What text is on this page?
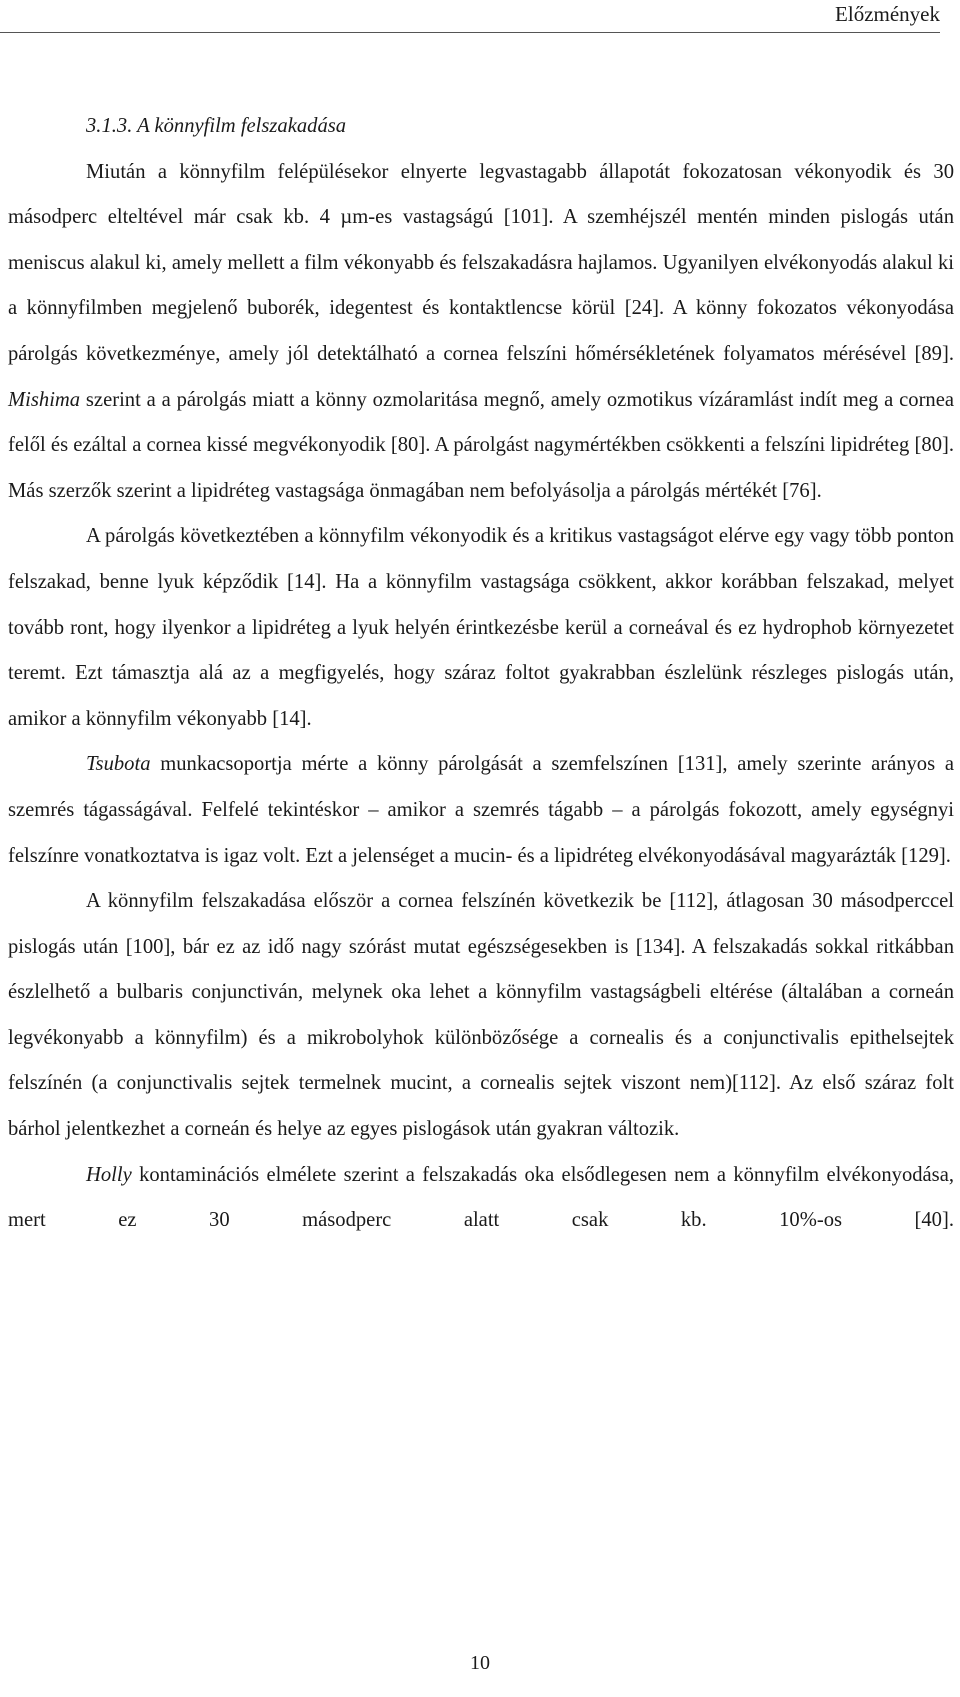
Előzmények
3.1.3. A könnyfilm felszakadása

Miután a könnyfilm felépülésekor elnyerte legvastagabb állapotát fokozatosan vékonyodik és 30 másodperc elteltével már csak kb. 4 µm-es vastagságú [101]. A szemhéjszél mentén minden pislogás után meniscus alakul ki, amely mellett a film vékonyabb és felszakadásra hajlamos. Ugyanilyen elvékonyodás alakul ki a könnyfilmben megjelenő buborék, idegentest és kontaktlencse körül [24]. A könny fokozatos vékonyodása párolgás következménye, amely jól detektálható a cornea felszíni hőmérsékletének folyamatos mérésével [89]. Mishima szerint a a párolgás miatt a könny ozmolaritása megnő, amely ozmotikus vízáramlást indít meg a cornea felől és ezáltal a cornea kissé megvékonyodik [80]. A párolgást nagymértékben csökkenti a felszíni lipidréteg [80]. Más szerzők szerint a lipidréteg vastagsága önmagában nem befolyásolja a párolgás mértékét [76].

A párolgás következtében a könnyfilm vékonyodik és a kritikus vastagságot elérve egy vagy több ponton felszakad, benne lyuk képződik [14]. Ha a könnyfilm vastagsága csökkent, akkor korábban felszakad, melyet tovább ront, hogy ilyenkor a lipidréteg a lyuk helyén érintkezésbe kerül a corneával és ez hydrophob környezetet teremt. Ezt támasztja alá az a megfigyelés, hogy száraz foltot gyakrabban észlelünk részleges pislogás után, amikor a könnyfilm vékonyabb [14].

Tsubota munkacsoportja mérte a könny párolgását a szemfelszínen [131], amely szerinte arányos a szemrés tágasságával. Felfelé tekintéskor – amikor a szemrés tágabb – a párolgás fokozott, amely egységnyi felszínre vonatkoztatva is igaz volt. Ezt a jelenséget a mucin- és a lipidréteg elvékonyodásával magyarázták [129].

A könnyfilm felszakadása először a cornea felszínén következik be [112], átlagosan 30 másodperccel pislogás után [100], bár ez az idő nagy szórást mutat egészségesekben is [134]. A felszakadás sokkal ritkábban észlelhető a bulbaris conjunctiván, melynek oka lehet a könnyfilm vastagságbeli eltérése (általában a corneán legvékonyabb a könnyfilm) és a mikrobolyhok különbözősége a cornealis és a conjunctivalis epithelsejtek felszínén (a conjunctivalis sejtek termelnek mucint, a cornealis sejtek viszont nem)[112]. Az első száraz folt bárhol jelentkezhet a corneán és helye az egyes pislogások után gyakran változik.

Holly kontaminációs elmélete szerint a felszakadás oka elsődlegesen nem a könnyfilm elvékonyodása, mert ez 30 másodperc alatt csak kb. 10%-os [40].

10
